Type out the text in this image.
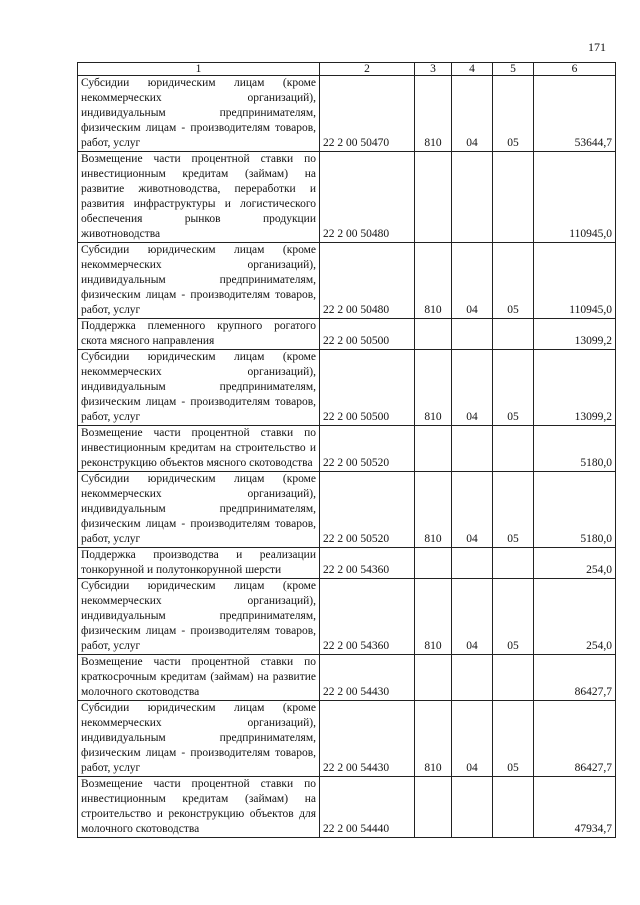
171
1	2	3	4	5	6
Субсидии юридическим лицам (кроме некоммерческих организаций), индивидуальным предпринимателям, физическим лицам - производителям товаров, работ, услуг	22 2 00 50470	810	04	05	53644,7
Возмещение части процентной ставки по инвестиционным кредитам (займам) на развитие животноводства, переработки и развития инфраструктуры и логистического обеспечения рынков продукции животноводства	22 2 00 50480				110945,0
Субсидии юридическим лицам (кроме некоммерческих организаций), индивидуальным предпринимателям, физическим лицам - производителям товаров, работ, услуг	22 2 00 50480	810	04	05	110945,0
Поддержка племенного крупного рогатого скота мясного направления	22 2 00 50500				13099,2
Субсидии юридическим лицам (кроме некоммерческих организаций), индивидуальным предпринимателям, физическим лицам - производителям товаров, работ, услуг	22 2 00 50500	810	04	05	13099,2
Возмещение части процентной ставки по инвестиционным кредитам на строительство и реконструкцию объектов мясного скотоводства	22 2 00 50520				5180,0
Субсидии юридическим лицам (кроме некоммерческих организаций), индивидуальным предпринимателям, физическим лицам - производителям товаров, работ, услуг	22 2 00 50520	810	04	05	5180,0
Поддержка производства и реализации тонкорунной и полутонкорунной шерсти	22 2 00 54360				254,0
Субсидии юридическим лицам (кроме некоммерческих организаций), индивидуальным предпринимателям, физическим лицам - производителям товаров, работ, услуг	22 2 00 54360	810	04	05	254,0
Возмещение части процентной ставки по краткосрочным кредитам (займам) на развитие молочного скотоводства	22 2 00 54430				86427,7
Субсидии юридическим лицам (кроме некоммерческих организаций), индивидуальным предпринимателям, физическим лицам - производителям товаров, работ, услуг	22 2 00 54430	810	04	05	86427,7
Возмещение части процентной ставки по инвестиционным кредитам (займам) на строительство и реконструкцию объектов для молочного скотоводства	22 2 00 54440				47934,7
